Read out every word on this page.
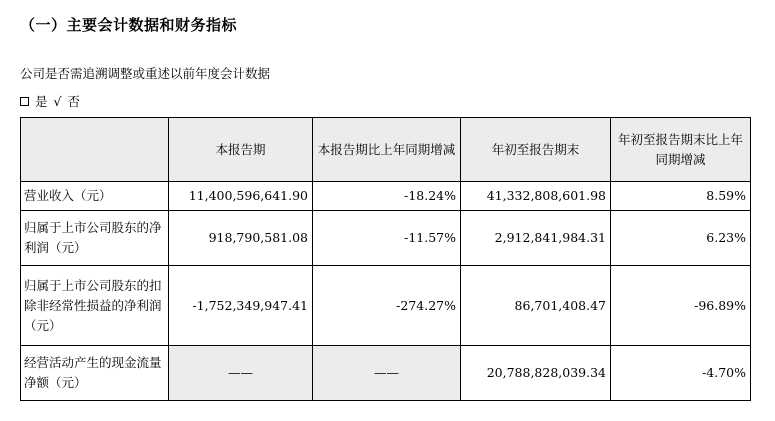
（一）主要会计数据和财务指标
公司是否需追溯调整或重述以前年度会计数据
是 √ 否
	本报告期	本报告期比上年同期增减	年初至报告期末	年初至报告期末比上年同期增减
营业收入（元）	11,400,596,641.90	-18.24%	41,332,808,601.98	8.59%
归属于上市公司股东的净利润（元）	918,790,581.08	-11.57%	2,912,841,984.31	6.23%
归属于上市公司股东的扣除非经常性损益的净利润（元）	-1,752,349,947.41	-274.27%	86,701,408.47	-96.89%
经营活动产生的现金流量净额（元）	——	——	20,788,828,039.34	-4.70%
